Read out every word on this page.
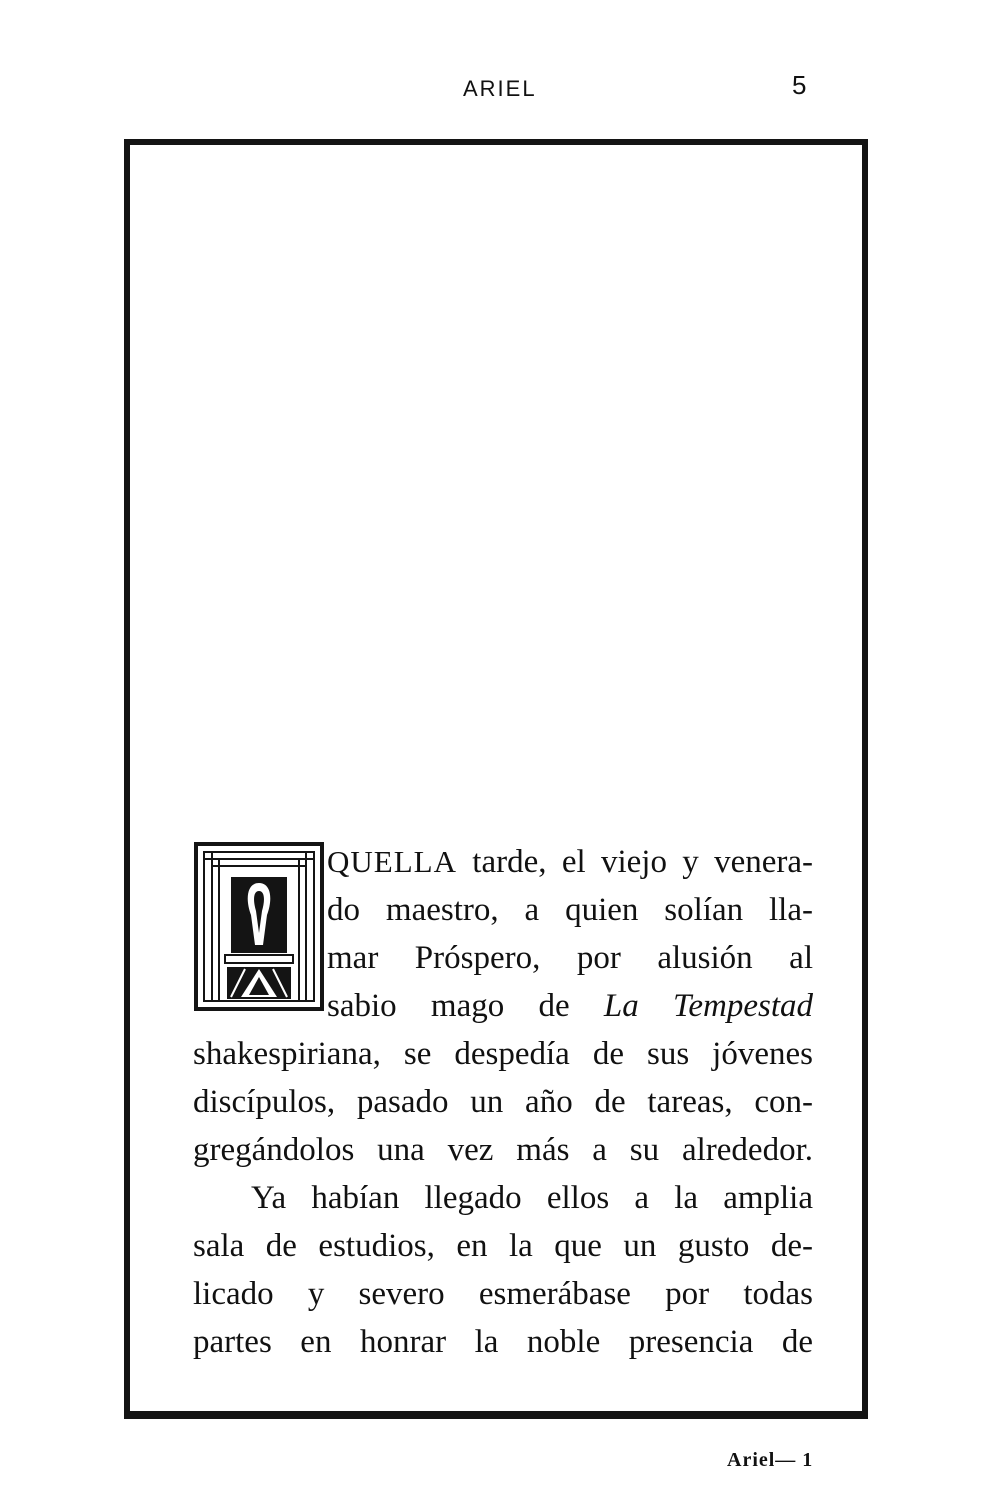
ARIEL	5
QUELLA tarde, el viejo y venera-
do maestro, a quien solían lla-
mar Próspero, por alusión al
sabio mago de La Tempestad
shakespiriana, se despedía de sus jóvenes
discípulos, pasado un año de tareas, con-
gregándolos una vez más a su alrededor.
Ya habían llegado ellos a la amplia
sala de estudios, en la que un gusto de-
licado y severo esmerábase por todas
partes en honrar la noble presencia de
Ariel— 1
